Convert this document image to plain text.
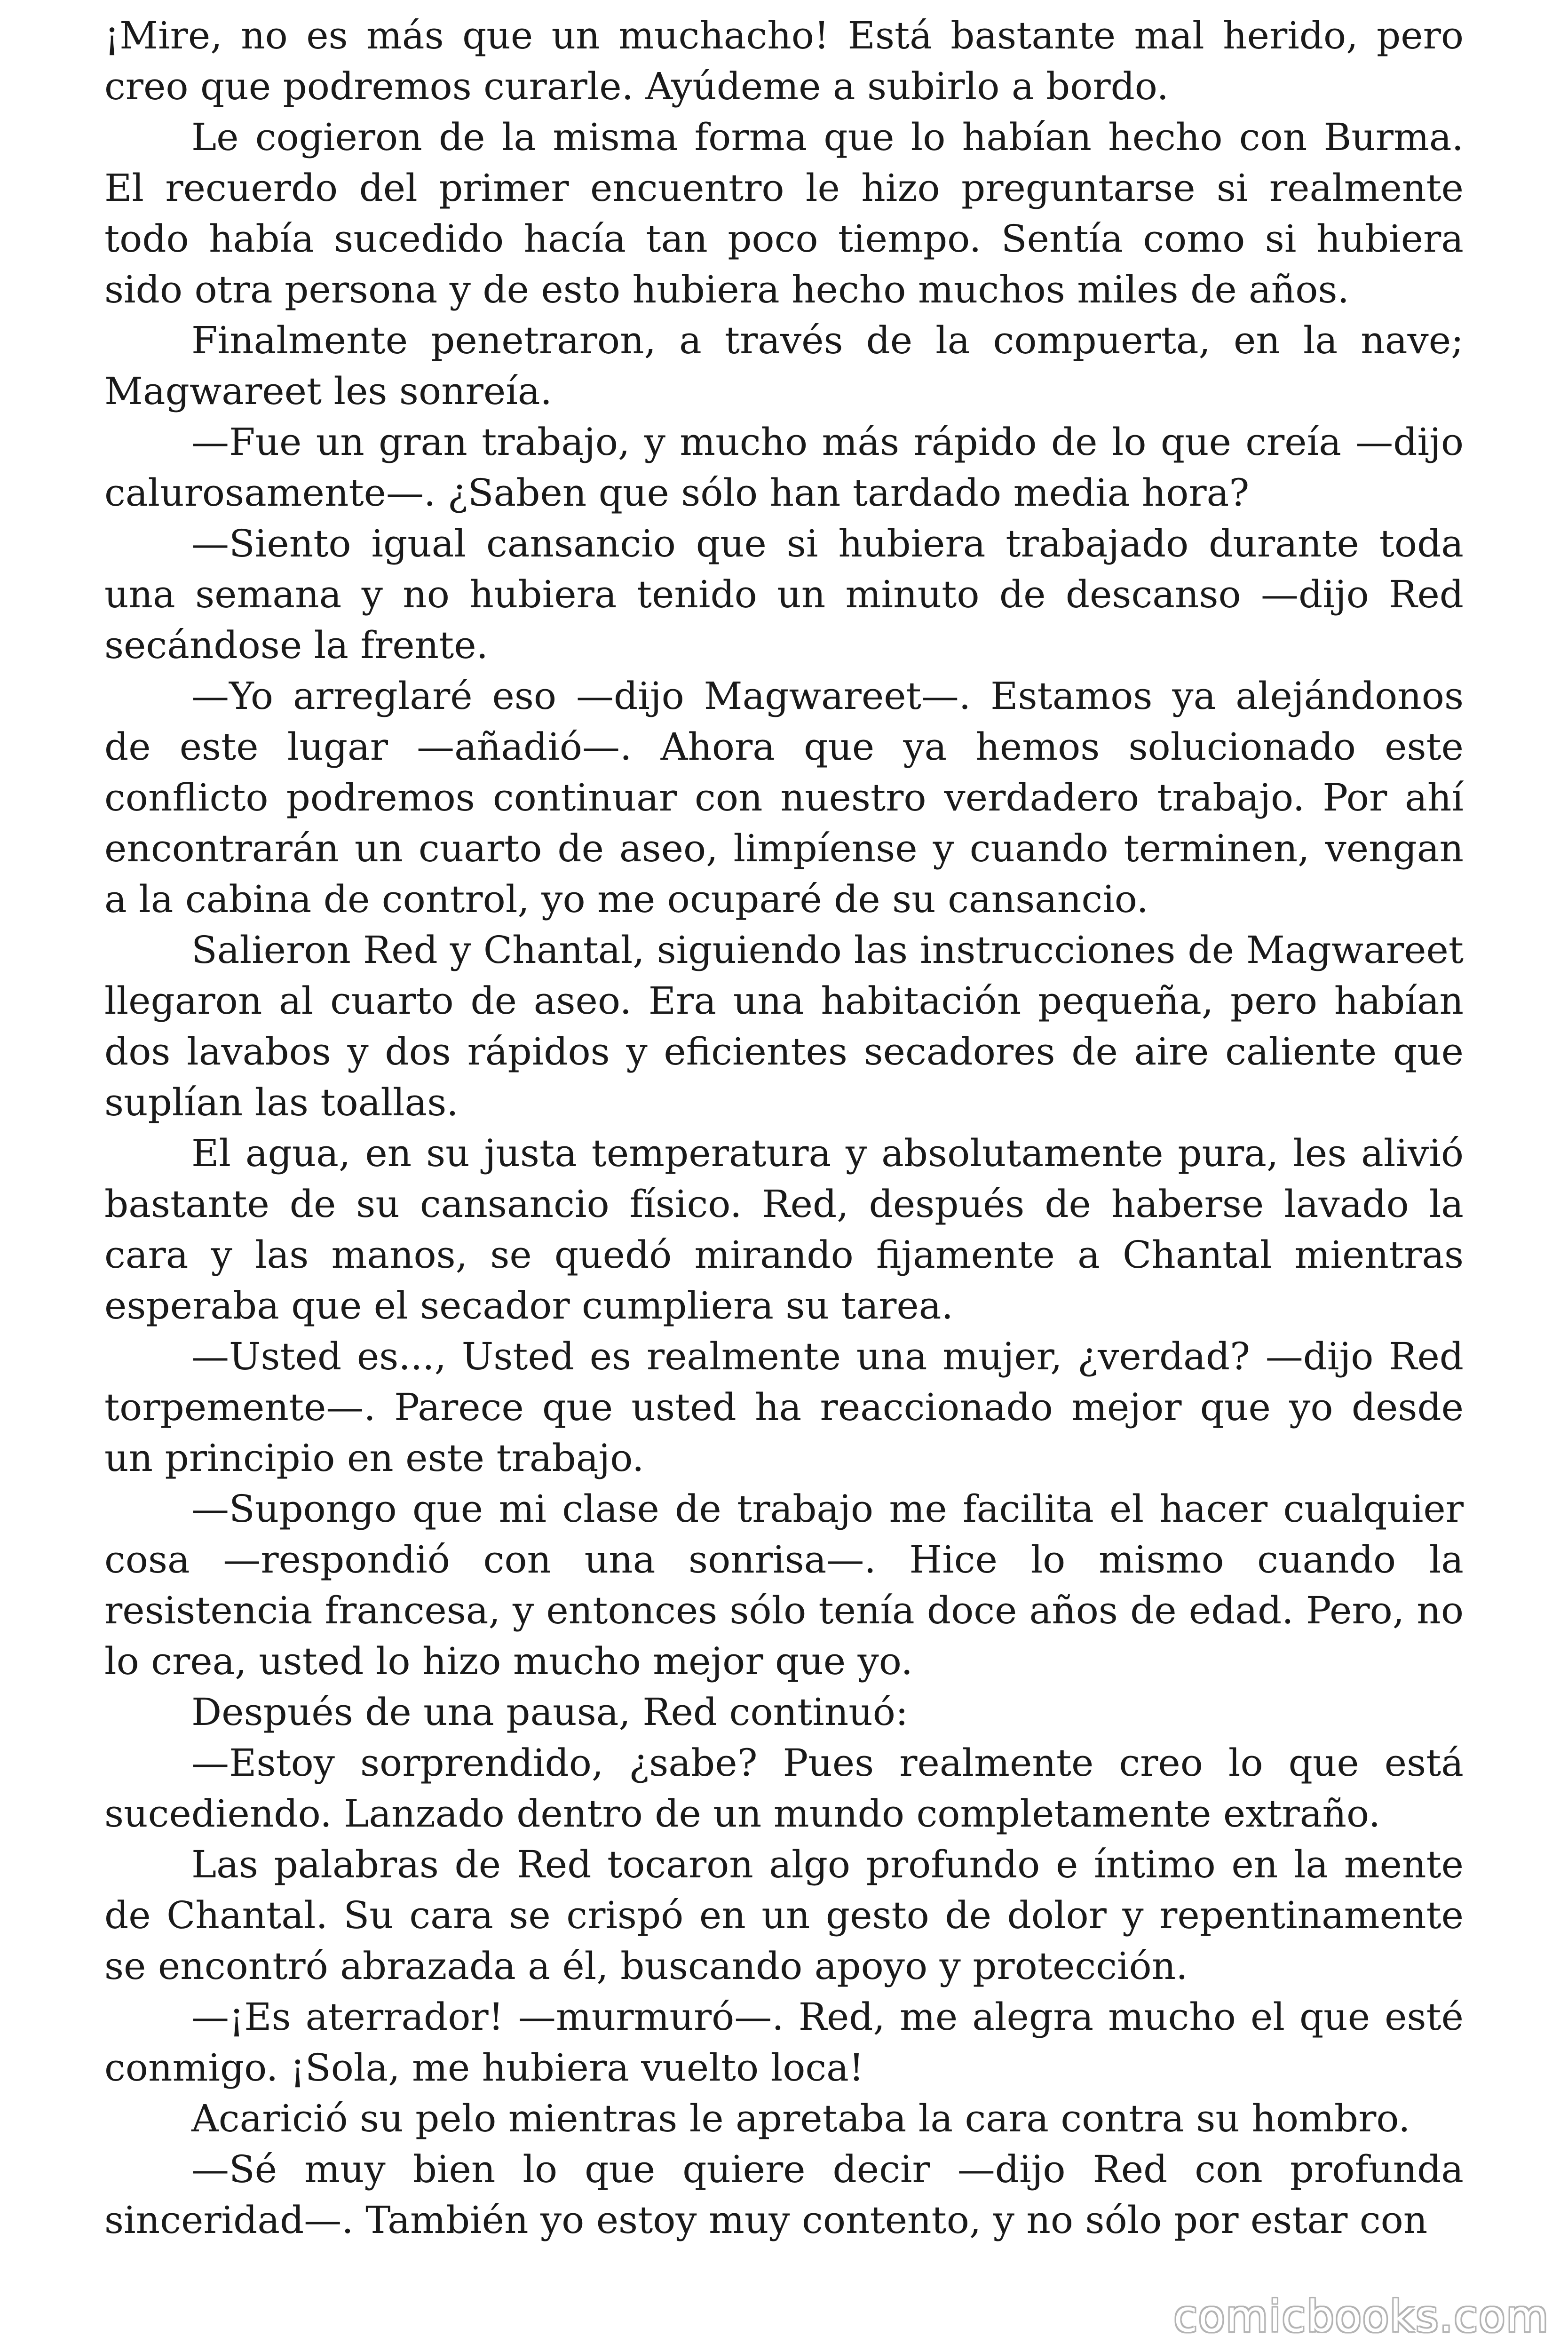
¡Mire, no es más que un muchacho! Está bastante mal herido, pero creo que podremos curarle. Ayúdeme a subirlo a bordo.

Le cogieron de la misma forma que lo habían hecho con Burma. El recuerdo del primer encuentro le hizo preguntarse si realmente todo había sucedido hacía tan poco tiempo. Sentía como si hubiera sido otra persona y de esto hubiera hecho muchos miles de años.

Finalmente penetraron, a través de la compuerta, en la nave; Magwareet les sonreía.

—Fue un gran trabajo, y mucho más rápido de lo que creía —dijo calurosamente—. ¿Saben que sólo han tardado media hora?

—Siento igual cansancio que si hubiera trabajado durante toda una semana y no hubiera tenido un minuto de descanso —dijo Red secándose la frente.

—Yo arreglaré eso —dijo Magwareet—. Estamos ya alejándonos de este lugar —añadió—. Ahora que ya hemos solucionado este conflicto podremos continuar con nuestro verdadero trabajo. Por ahí encontrarán un cuarto de aseo, limpíense y cuando terminen, vengan a la cabina de control, yo me ocuparé de su cansancio.

Salieron Red y Chantal, siguiendo las instrucciones de Magwareet llegaron al cuarto de aseo. Era una habitación pequeña, pero habían dos lavabos y dos rápidos y eficientes secadores de aire caliente que suplían las toallas.

El agua, en su justa temperatura y absolutamente pura, les alivió bastante de su cansancio físico. Red, después de haberse lavado la cara y las manos, se quedó mirando fijamente a Chantal mientras esperaba que el secador cumpliera su tarea.

—Usted es..., Usted es realmente una mujer, ¿verdad? —dijo Red torpemente—. Parece que usted ha reaccionado mejor que yo desde un principio en este trabajo.

—Supongo que mi clase de trabajo me facilita el hacer cualquier cosa —respondió con una sonrisa—. Hice lo mismo cuando la resistencia francesa, y entonces sólo tenía doce años de edad. Pero, no lo crea, usted lo hizo mucho mejor que yo.

Después de una pausa, Red continuó:

—Estoy sorprendido, ¿sabe? Pues realmente creo lo que está sucediendo. Lanzado dentro de un mundo completamente extraño.

Las palabras de Red tocaron algo profundo e íntimo en la mente de Chantal. Su cara se crispó en un gesto de dolor y repentinamente se encontró abrazada a él, buscando apoyo y protección.

—¡Es aterrador! —murmuró—. Red, me alegra mucho el que esté conmigo. ¡Sola, me hubiera vuelto loca!

Acarició su pelo mientras le apretaba la cara contra su hombro.

—Sé muy bien lo que quiere decir —dijo Red con profunda sinceridad—. También yo estoy muy contento, y no sólo por estar con

comicbooks.com
